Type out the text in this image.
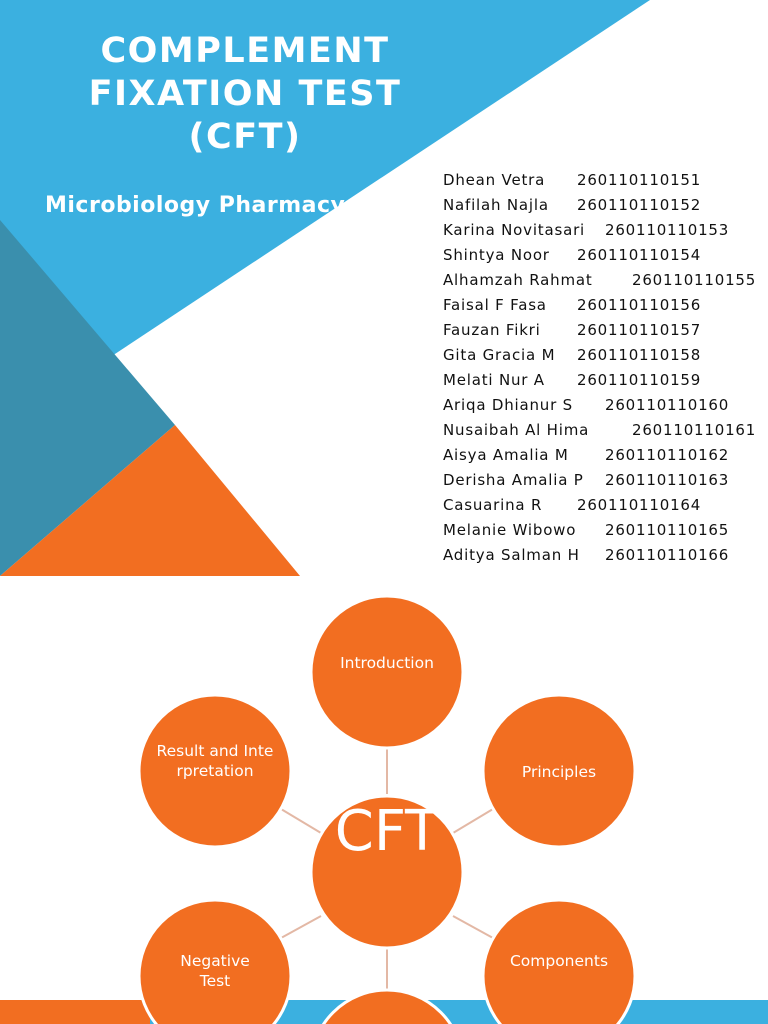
COMPLEMENT
FIXATION TEST
(CFT)
Microbiology Pharmacy
Dhean Vetra 260110110151
Nafilah Najla 260110110152
Karina Novitasari 260110110153
Shintya Noor 260110110154
Alhamzah Rahmat	260110110155
Faisal F Fasa 260110110156
Fauzan Fikri 260110110157
Gita Gracia M 260110110158
Melati Nur A 260110110159
Ariqa Dhianur S 260110110160
Nusaibah Al Hima	260110110161
Aisya Amalia M 260110110162
Derisha Amalia P 260110110163
Casuarina R 260110110164
Melanie Wibowo 260110110165
Aditya Salman H 260110110166
CFT
Introduction
Principles
Components
Negative Test
Result and Interpretation
